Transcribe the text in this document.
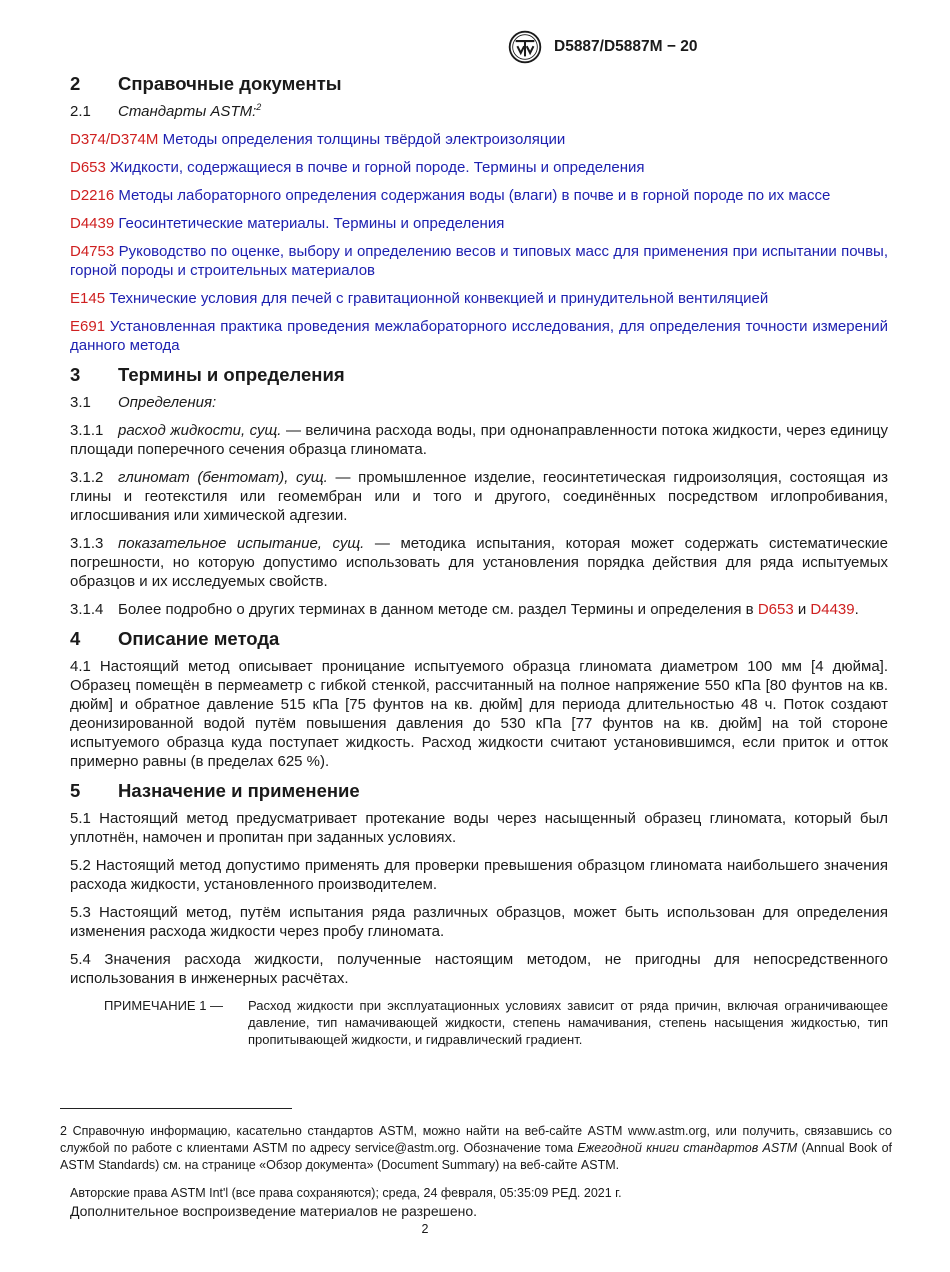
D5887/D5887M − 20
2	Справочные документы
2.1 Стандарты ASTM:$^2$
D374/D374M Методы определения толщины твёрдой электроизоляции
D653 Жидкости, содержащиеся в почве и горной породе. Термины и определения
D2216 Методы лабораторного определения содержания воды (влаги) в почве и в горной породе по их массе
D4439 Геосинтетические материалы. Термины и определения
D4753 Руководство по оценке, выбору и определению весов и типовых масс для применения при испытании почвы, горной породы и строительных материалов
E145 Технические условия для печей с гравитационной конвекцией и принудительной вентиляцией
E691 Установленная практика проведения межлабораторного исследования, для определения точности измерений данного метода
3	Термины и определения
3.1 Определения:

3.1.1 расход жидкости, сущ. — величина расхода воды, при однонаправленности потока жидкости, через единицу площади поперечного сечения образца глиномата.

3.1.2 глиномат (бентомат), сущ. — промышленное изделие, геосинтетическая гидроизоляция, состоящая из глины и геотекстиля или геомембран или и того и другого, соединённых посредством иглопробивания, иглосшивания или химической адгезии.

3.1.3 показательное испытание, сущ. — методика испытания, которая может содержать систематические погрешности, но которую допустимо использовать для установления порядка действия для ряда испытуемых образцов и их исследуемых свойств.

3.1.4 Более подробно о других терминах в данном методе см. раздел Термины и определения в D653 и D4439.

4	Описание метода

4.1 Настоящий метод описывает проницание испытуемого образца глиномата диаметром 100 мм [4 дюйма]. Образец помещён в пермеаметр с гибкой стенкой, рассчитанный на полное напряжение 550 кПа [80 фунтов на кв. дюйм] и обратное давление 515 кПа [75 фунтов на кв. дюйм] для периода длительностью 48 ч. Поток создают деонизированной водой путём повышения давления до 530 кПа [77 фунтов на кв. дюйм] на той стороне испытуемого образца куда поступает жидкость. Расход жидкости считают установившимся, если приток и отток примерно равны (в пределах 625 %).

5	Назначение и применение

5.1 Настоящий метод предусматривает протекание воды через насыщенный образец глиномата, который был уплотнён, намочен и пропитан при заданных условиях.

5.2 Настоящий метод допустимо применять для проверки превышения образцом глиномата наибольшего значения расхода жидкости, установленного производителем.

5.3 Настоящий метод, путём испытания ряда различных образцов, может быть использован для определения изменения расхода жидкости через пробу глиномата.

5.4 Значения расхода жидкости, полученные настоящим методом, не пригодны для непосредственного использования в инженерных расчётах.

ПРИМЕЧАНИЕ 1 —	Расход жидкости при эксплуатационных условиях зависит от ряда причин, включая ограничивающее давление, тип намачивающей жидкости, степень намачивания, степень насыщения жидкостью, тип пропитывающей жидкости, и гидравлический градиент.
2 Справочную информацию, касательно стандартов ASTM, можно найти на веб-сайте ASTM www.astm.org, или получить, связавшись со службой по работе с клиентами ASTM по адресу service@astm.org. Обозначение тома Ежегодной книги стандартов ASTM (Annual Book of ASTM Standards) см. на странице «Обзор документа» (Document Summary) на веб-сайте ASTM.
Авторские права ASTM Int'l (все права сохраняются); среда, 24 февраля, 05:35:09 РЕД. 2021 г.
Дополнительное воспроизведение материалов не разрешено.
2
